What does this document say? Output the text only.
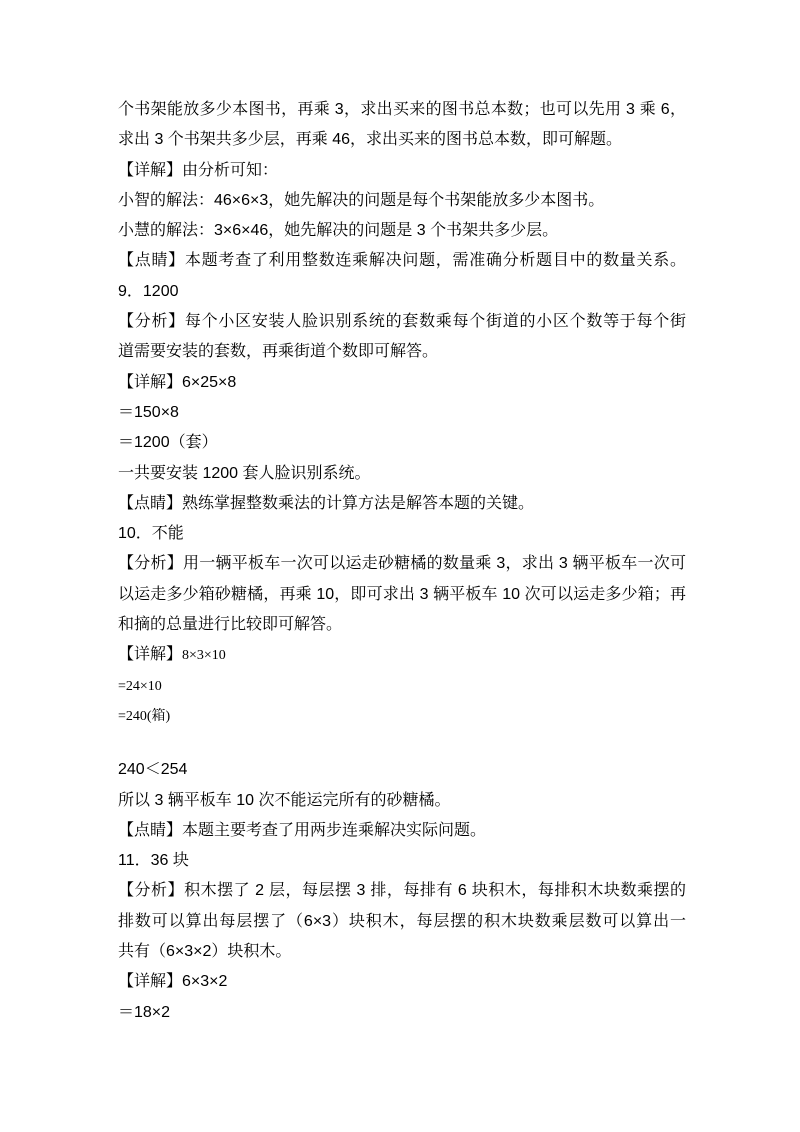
个书架能放多少本图书，再乘 3，求出买来的图书总本数；也可以先用 3 乘 6，
求出 3 个书架共多少层，再乘 46，求出买来的图书总本数，即可解题。
【详解】由分析可知：
小智的解法：46×6×3，她先解决的问题是每个书架能放多少本图书。
小慧的解法：3×6×46，她先解决的问题是 3 个书架共多少层。
【点睛】本题考查了利用整数连乘解决问题，需准确分析题目中的数量关系。
9．1200
【分析】每个小区安装人脸识别系统的套数乘每个街道的小区个数等于每个街
道需要安装的套数，再乘街道个数即可解答。
【详解】6×25×8
＝150×8
＝1200（套）
一共要安装 1200 套人脸识别系统。
【点睛】熟练掌握整数乘法的计算方法是解答本题的关键。
10．不能
【分析】用一辆平板车一次可以运走砂糖橘的数量乘 3，求出 3 辆平板车一次可
以运走多少箱砂糖橘，再乘 10，即可求出 3 辆平板车 10 次可以运走多少箱；再
和摘的总量进行比较即可解答。
【详解】8×3×10
=24×10
=240(箱)
240＜254
所以 3 辆平板车 10 次不能运完所有的砂糖橘。
【点睛】本题主要考查了用两步连乘解决实际问题。
11．36 块
【分析】积木摆了 2 层，每层摆 3 排，每排有 6 块积木，每排积木块数乘摆的
排数可以算出每层摆了（6×3）块积木，每层摆的积木块数乘层数可以算出一
共有（6×3×2）块积木。
【详解】6×3×2
＝18×2
